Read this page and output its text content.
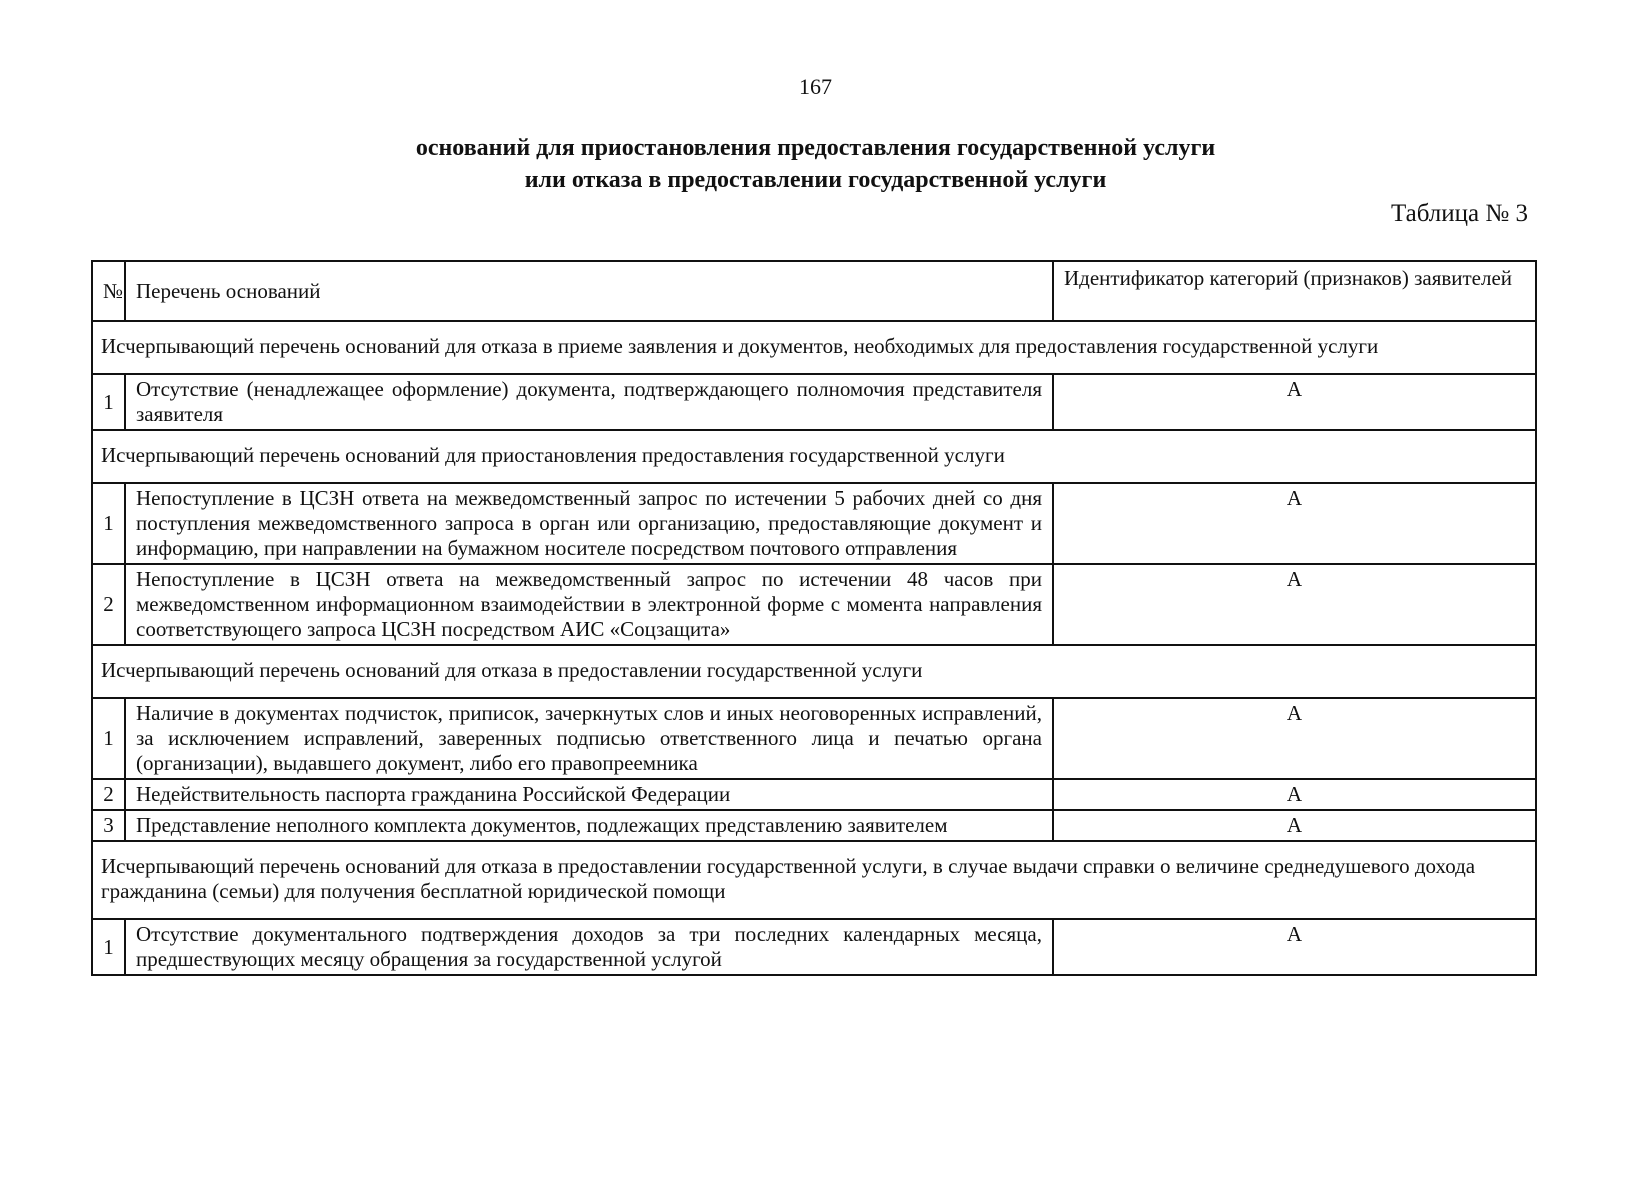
167
оснований для приостановления предоставления государственной услуги
или отказа в предоставлении государственной услуги
Таблица № 3
№	Перечень оснований	Идентификатор категорий (признаков) заявителей
Исчерпывающий перечень оснований для отказа в приеме заявления и документов, необходимых для предоставления государственной услуги		
1	Отсутствие (ненадлежащее оформление) документа, подтверждающего полномочия представителя заявителя	А
Исчерпывающий перечень оснований для приостановления предоставления государственной услуги		
1	Непоступление в ЦСЗН ответа на межведомственный запрос по истечении 5 рабочих дней со дня поступления межведомственного запроса в орган или организацию, предоставляющие документ и информацию, при направлении на бумажном носителе посредством почтового отправления	А
2	Непоступление в ЦСЗН ответа на межведомственный запрос по истечении 48 часов при межведомственном информационном взаимодействии в электронной форме с момента направления соответствующего запроса ЦСЗН посредством АИС «Соцзащита»	А
Исчерпывающий перечень оснований для отказа в предоставлении государственной услуги		
1	Наличие в документах подчисток, приписок, зачеркнутых слов и иных неоговоренных исправлений, за исключением исправлений, заверенных подписью ответственного лица и печатью органа (организации), выдавшего документ, либо его правопреемника	А
2	Недействительность паспорта гражданина Российской Федерации	А
3	Представление неполного комплекта документов, подлежащих представлению заявителем	А
Исчерпывающий перечень оснований для отказа в предоставлении государственной услуги, в случае выдачи справки о величине среднедушевого дохода гражданина (семьи) для получения бесплатной юридической помощи		
1	Отсутствие документального подтверждения доходов за три последних календарных месяца, предшествующих месяцу обращения за государственной услугой	А
